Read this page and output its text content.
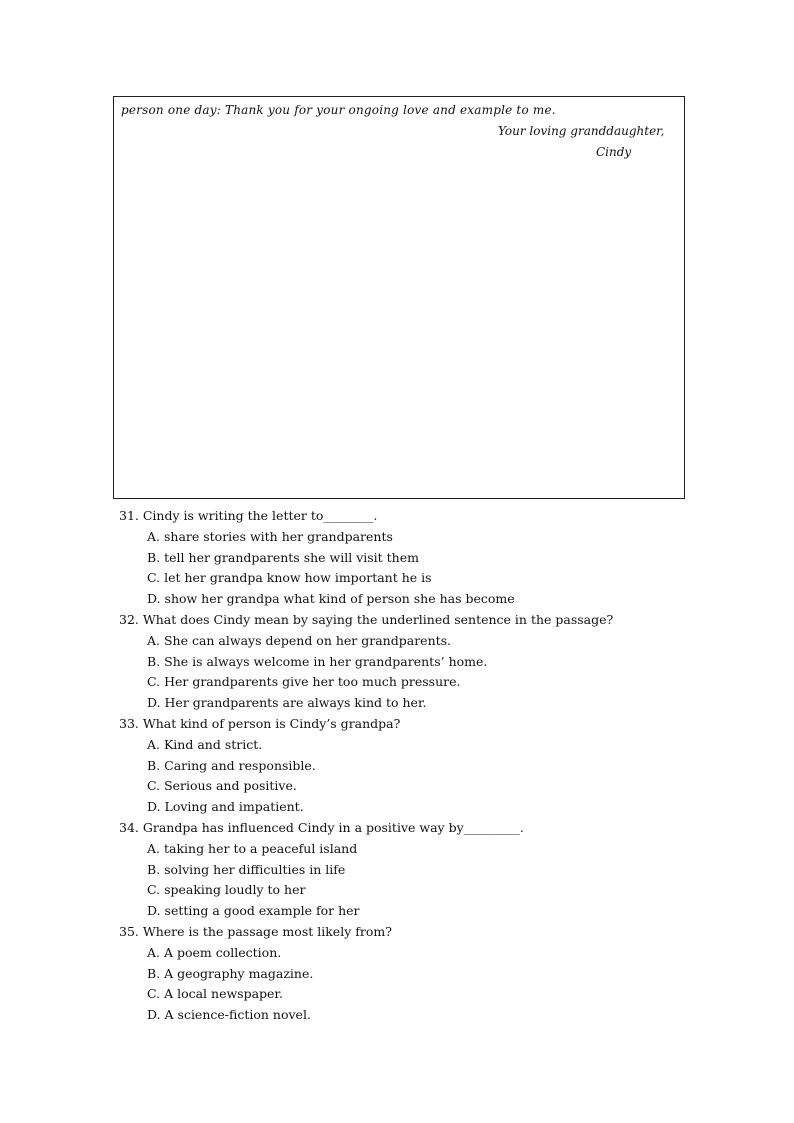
person one day: Thank you for your ongoing love and example to me.
Your loving granddaughter,
Cindy
31. Cindy is writing the letter to________.
A. share stories with her grandparents
B. tell her grandparents she will visit them
C. let her grandpa know how important he is
D. show her grandpa what kind of person she has become
32. What does Cindy mean by saying the underlined sentence in the passage?
A. She can always depend on her grandparents.
B. She is always welcome in her grandparents’ home.
C. Her grandparents give her too much pressure.
D. Her grandparents are always kind to her.
33. What kind of person is Cindy’s grandpa?
A. Kind and strict.
B. Caring and responsible.
C. Serious and positive.
D. Loving and impatient.
34. Grandpa has influenced Cindy in a positive way by_________.
A. taking her to a peaceful island
B. solving her difficulties in life
C. speaking loudly to her
D. setting a good example for her
35. Where is the passage most likely from?
A. A poem collection.
B. A geography magazine.
C. A local newspaper.
D. A science-fiction novel.
